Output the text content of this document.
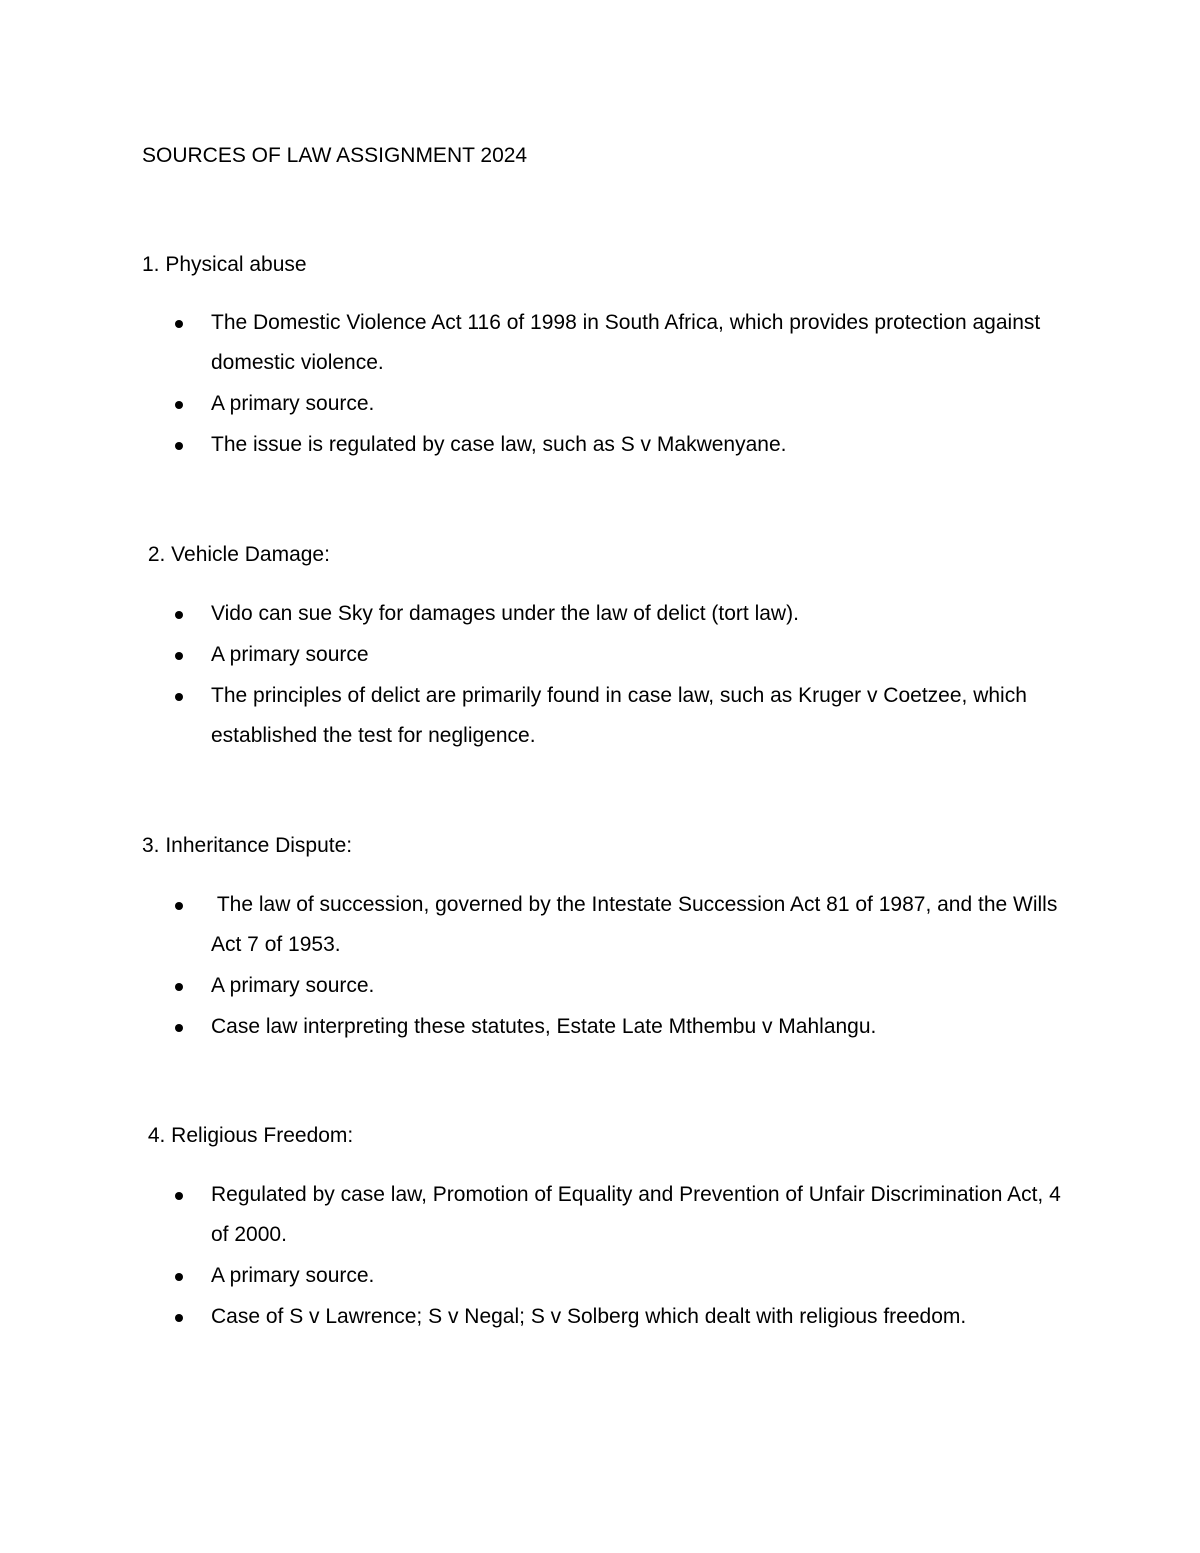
SOURCES OF LAW ASSIGNMENT 2024
1. Physical abuse
The Domestic Violence Act 116 of 1998 in South Africa, which provides protection against domestic violence.
A primary source.
The issue is regulated by case law, such as S v Makwenyane.
2. Vehicle Damage:
Vido can sue Sky for damages under the law of delict (tort law).
A primary source
The principles of delict are primarily found in case law, such as Kruger v Coetzee, which established the test for negligence.
3. Inheritance Dispute:
The law of succession, governed by the Intestate Succession Act 81 of 1987, and the Wills Act 7 of 1953.
A primary source.
Case law interpreting these statutes, Estate Late Mthembu v Mahlangu.
4. Religious Freedom:
Regulated by case law, Promotion of Equality and Prevention of Unfair Discrimination Act, 4 of 2000.
A primary source.
Case of S v Lawrence; S v Negal; S v Solberg which dealt with religious freedom.
